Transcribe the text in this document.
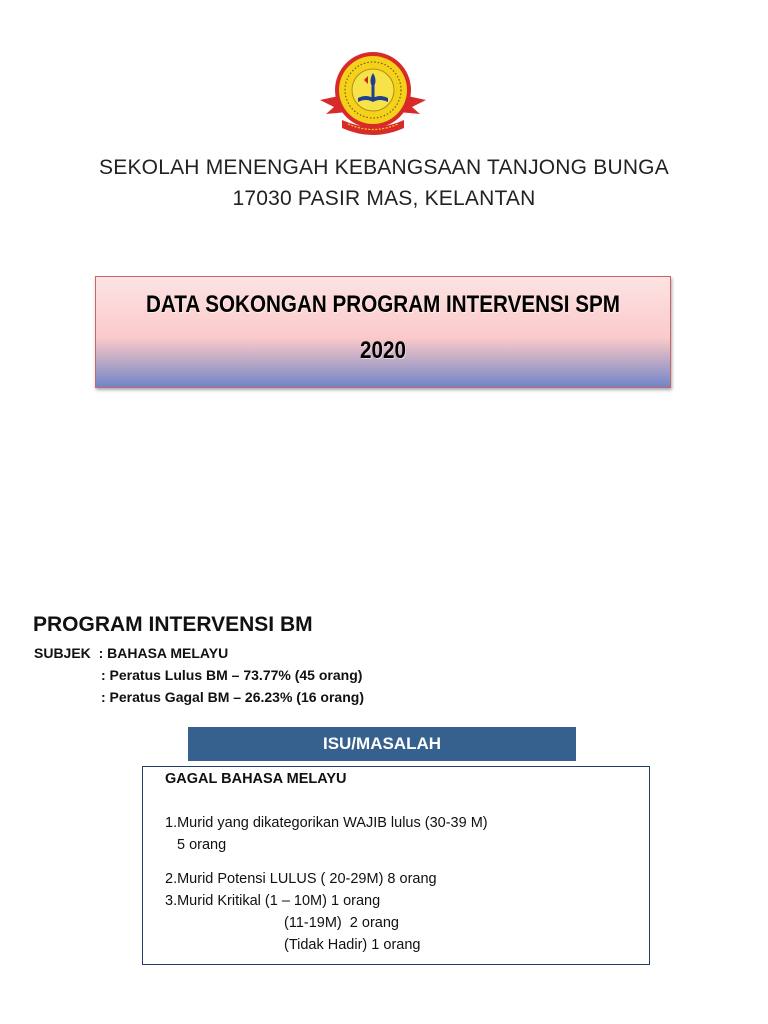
SEKOLAH MENENGAH KEBANGSAAN TANJONG BUNGA
17030 PASIR MAS, KELANTAN
DATA SOKONGAN PROGRAM INTERVENSI SPM
2020
PROGRAM INTERVENSI BM
SUBJEK  : BAHASA MELAYU
: Peratus Lulus BM – 73.77% (45 orang)
: Peratus Gagal BM – 26.23% (16 orang)
ISU/MASALAH
GAGAL BAHASA MELAYU
1.Murid yang dikategorikan WAJIB lulus (30-39 M)
5 orang
2.Murid Potensi LULUS ( 20-29M) 8 orang
3.Murid Kritikal (1 – 10M) 1 orang
(11-19M)  2 orang
(Tidak Hadir) 1 orang
